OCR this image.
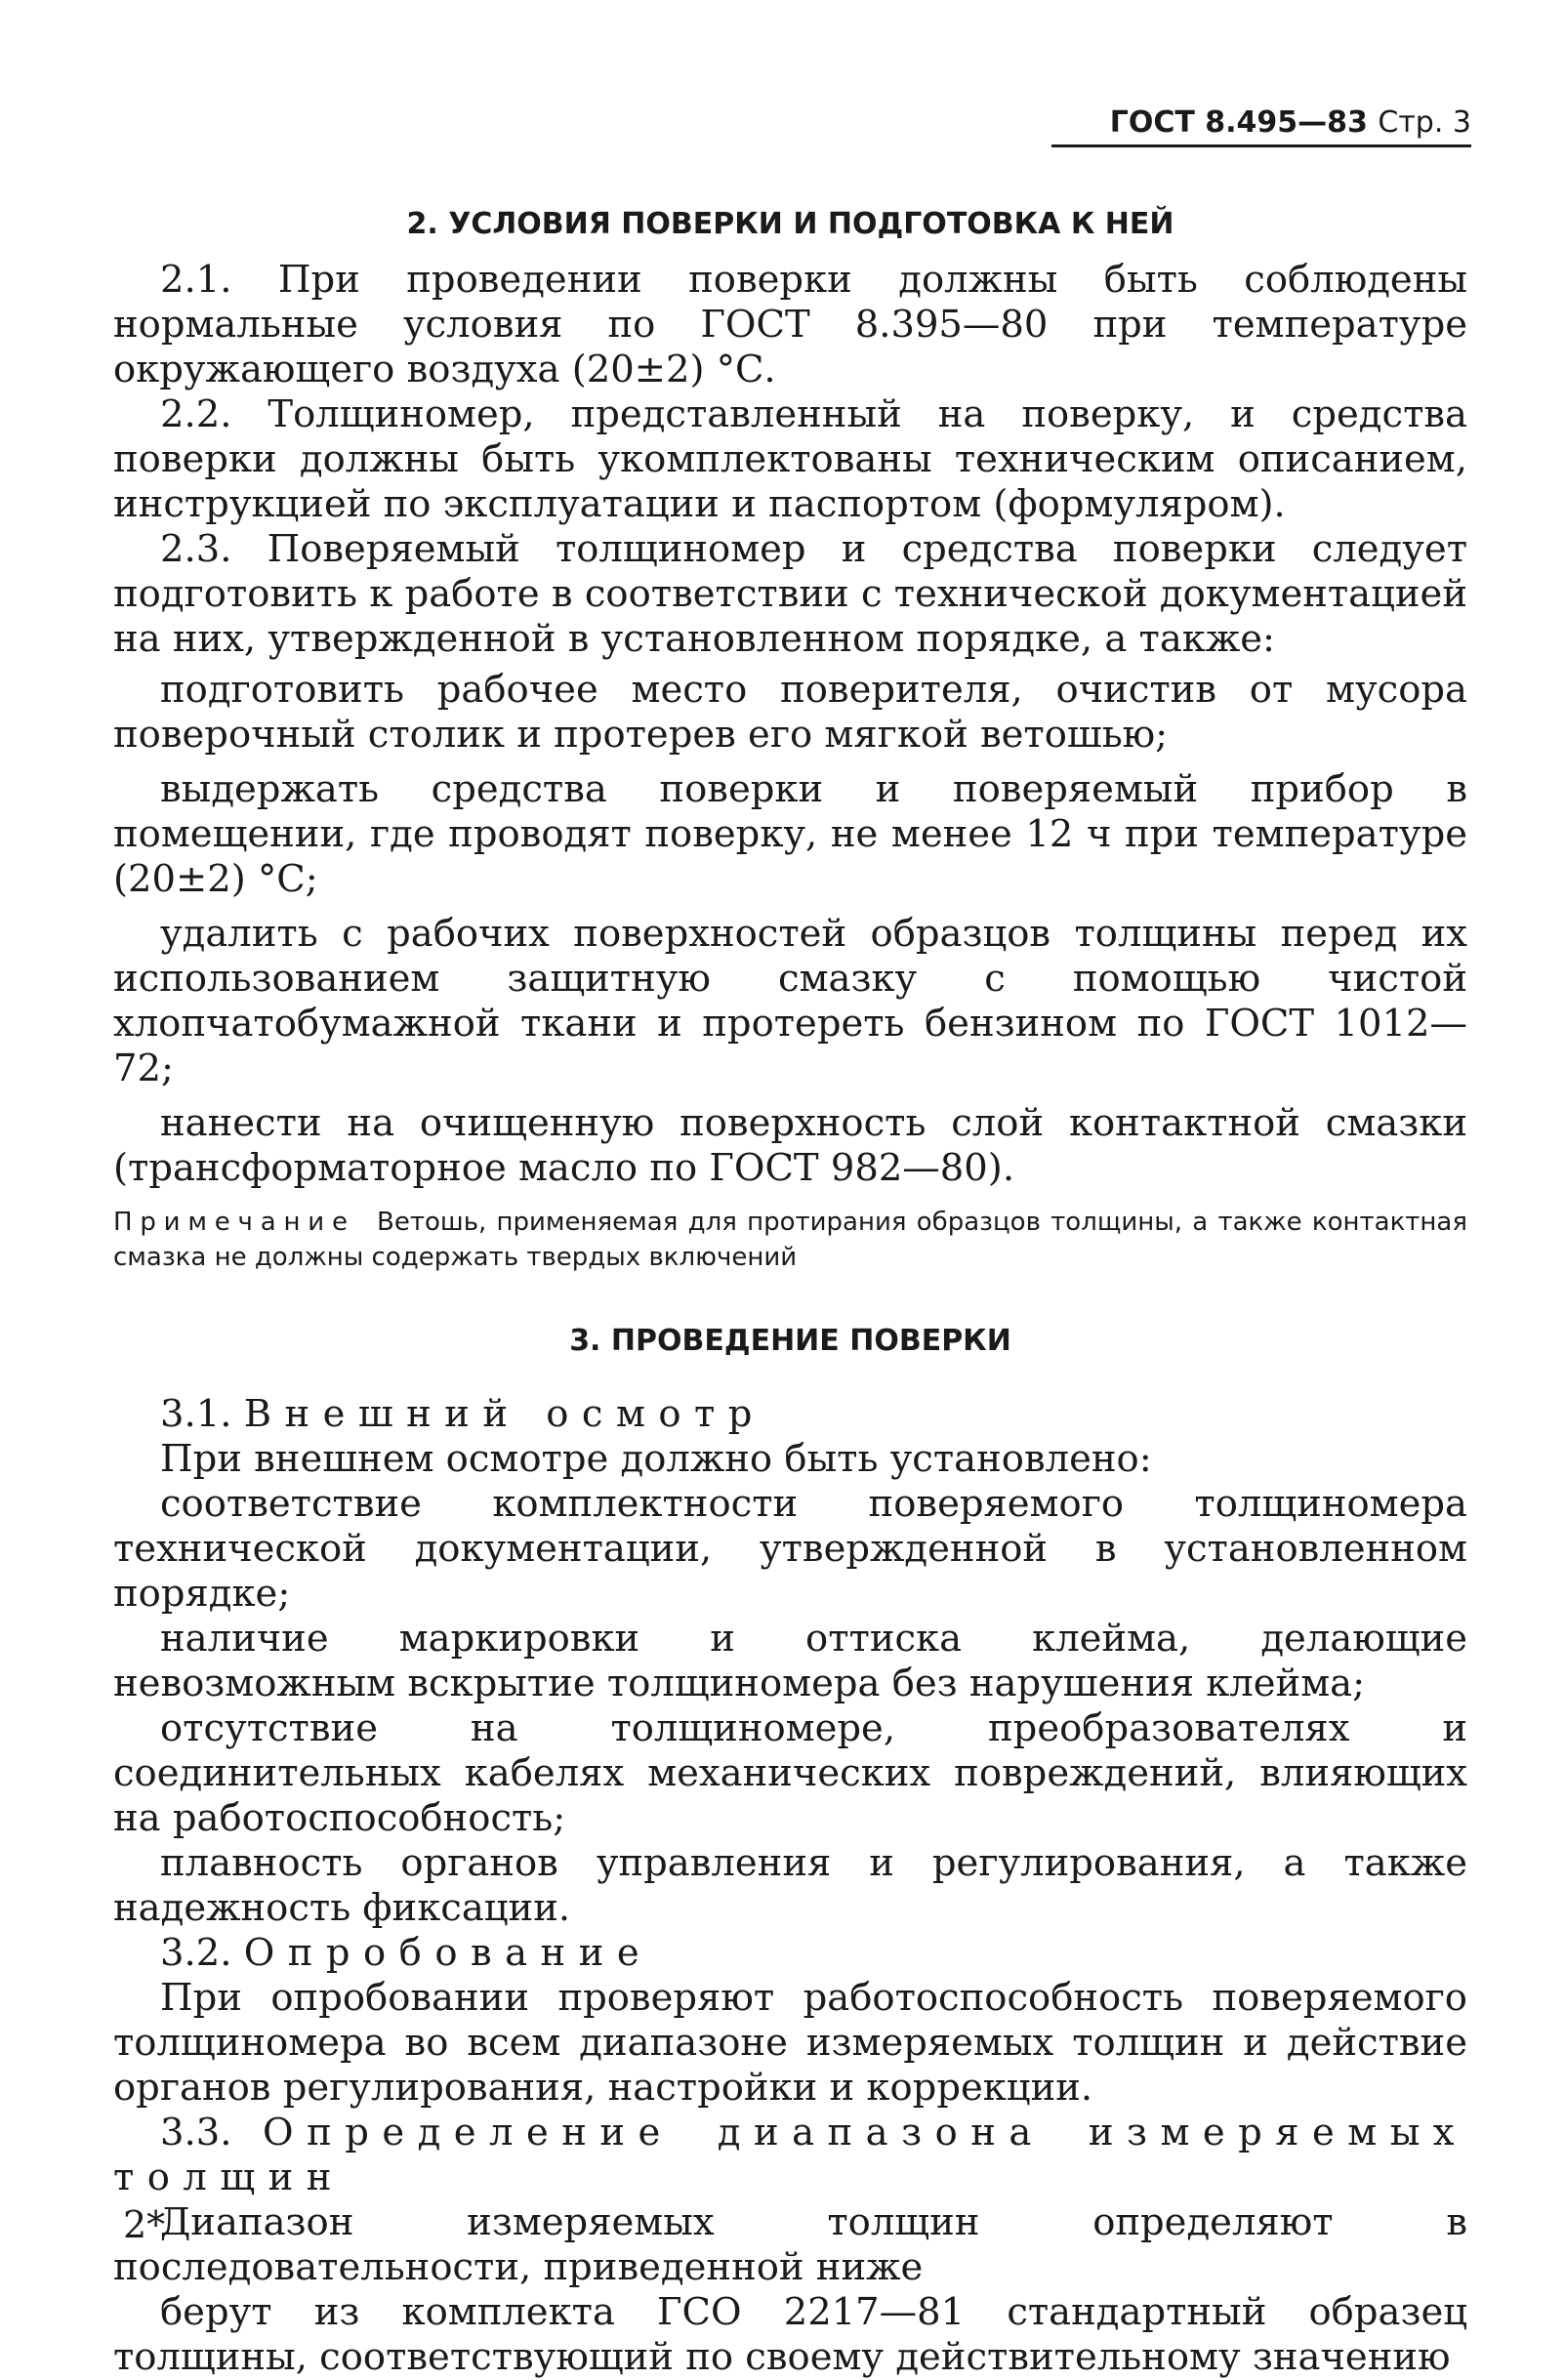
ГОСТ 8.495—83 Стр. 3
2. УСЛОВИЯ ПОВЕРКИ И ПОДГОТОВКА К НЕЙ

2.1. При проведении поверки должны быть соблюдены нормальные условия по ГОСТ 8.395—80 при температуре окружающего воздуха (20±2) °С.

2.2. Толщиномер, представленный на поверку, и средства поверки должны быть укомплектованы техническим описанием, инструкцией по эксплуатации и паспортом (формуляром).

2.3. Поверяемый толщиномер и средства поверки следует подготовить к работе в соответствии с технической документацией на них, утвержденной в установленном порядке, а также:

подготовить рабочее место поверителя, очистив от мусора поверочный столик и протерев его мягкой ветошью;

выдержать средства поверки и поверяемый прибор в помещении, где проводят поверку, не менее 12 ч при температуре (20±2) °С;

удалить с рабочих поверхностей образцов толщины перед их использованием защитную смазку с помощью чистой хлопчатобумажной ткани и протереть бензином по ГОСТ 1012—72;

нанести на очищенную поверхность слой контактной смазки (трансформаторное масло по ГОСТ 982—80).

Примечание Ветошь, применяемая для протирания образцов толщины, а также контактная смазка не должны содержать твердых включений
3. ПРОВЕДЕНИЕ ПОВЕРКИ

3.1. Внешний осмотр

При внешнем осмотре должно быть установлено:

соответствие комплектности поверяемого толщиномера технической документации, утвержденной в установленном порядке;

наличие маркировки и оттиска клейма, делающие невозможным вскрытие толщиномера без нарушения клейма;

отсутствие на толщиномере, преобразователях и соединительных кабелях механических повреждений, влияющих на работоспособность;

плавность органов управления и регулирования, а также надежность фиксации.

3.2. Опробование

При опробовании проверяют работоспособность поверяемого толщиномера во всем диапазоне измеряемых толщин и действие органов регулирования, настройки и коррекции.

3.3. Определение диапазона измеряемых толщин

Диапазон измеряемых толщин определяют в последовательности, приведенной ниже

берут из комплекта ГСО 2217—81 стандартный образец толщины, соответствующий по своему действительному значению

2*
